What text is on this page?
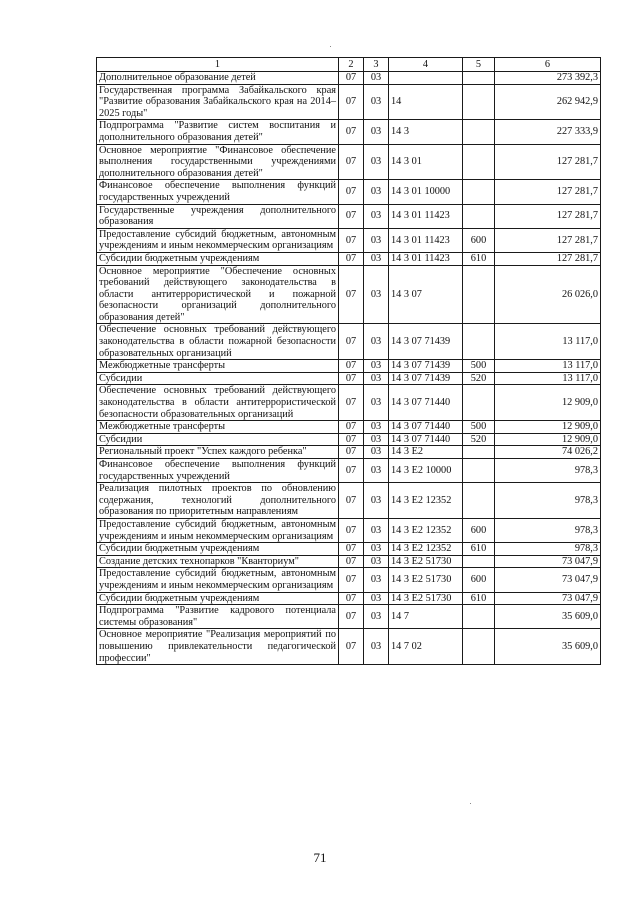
1	2	3	4	5	6
Дополнительное образование детей	07	03			273 392,3
Государственная программа Забайкальского края "Развитие образования Забайкальского края на 2014–2025 годы"	07	03	14		262 942,9
Подпрограмма "Развитие систем воспитания и дополнительного образования детей"	07	03	14 3		227 333,9
Основное мероприятие "Финансовое обеспечение выполнения государственными учреждениями дополнительного образования детей"	07	03	14 3 01		127 281,7
Финансовое обеспечение выполнения функций государственных учреждений	07	03	14 3 01 10000		127 281,7
Государственные учреждения дополнительного образования	07	03	14 3 01 11423		127 281,7
Предоставление субсидий бюджетным, автономным учреждениям и иным некоммерческим организациям	07	03	14 3 01 11423	600	127 281,7
Субсидии бюджетным учреждениям	07	03	14 3 01 11423	610	127 281,7
Основное мероприятие "Обеспечение основных требований действующего законодательства в области антитеррористической и пожарной безопасности организаций дополнительного образования детей"	07	03	14 3 07		26 026,0
Обеспечение основных требований действующего законодательства в области пожарной безопасности образовательных организаций	07	03	14 3 07 71439		13 117,0
Межбюджетные трансферты	07	03	14 3 07 71439	500	13 117,0
Субсидии	07	03	14 3 07 71439	520	13 117,0
Обеспечение основных требований действующего законодательства в области антитеррористической безопасности образовательных организаций	07	03	14 3 07 71440		12 909,0
Межбюджетные трансферты	07	03	14 3 07 71440	500	12 909,0
Субсидии	07	03	14 3 07 71440	520	12 909,0
Региональный проект "Успех каждого ребенка"	07	03	14 3 E2		74 026,2
Финансовое обеспечение выполнения функций государственных учреждений	07	03	14 3 E2 10000		978,3
Реализация пилотных проектов по обновлению содержания, технологий дополнительного образования по приоритетным направлениям	07	03	14 3 E2 12352		978,3
Предоставление субсидий бюджетным, автономным учреждениям и иным некоммерческим организациям	07	03	14 3 E2 12352	600	978,3
Субсидии бюджетным учреждениям	07	03	14 3 E2 12352	610	978,3
Создание детских технопарков "Кванториум"	07	03	14 3 E2 51730		73 047,9
Предоставление субсидий бюджетным, автономным учреждениям и иным некоммерческим организациям	07	03	14 3 E2 51730	600	73 047,9
Субсидии бюджетным учреждениям	07	03	14 3 E2 51730	610	73 047,9
Подпрограмма "Развитие кадрового потенциала системы образования"	07	03	14 7		35 609,0
Основное мероприятие "Реализация мероприятий по повышению привлекательности педагогической профессии"	07	03	14 7 02		35 609,0
71
